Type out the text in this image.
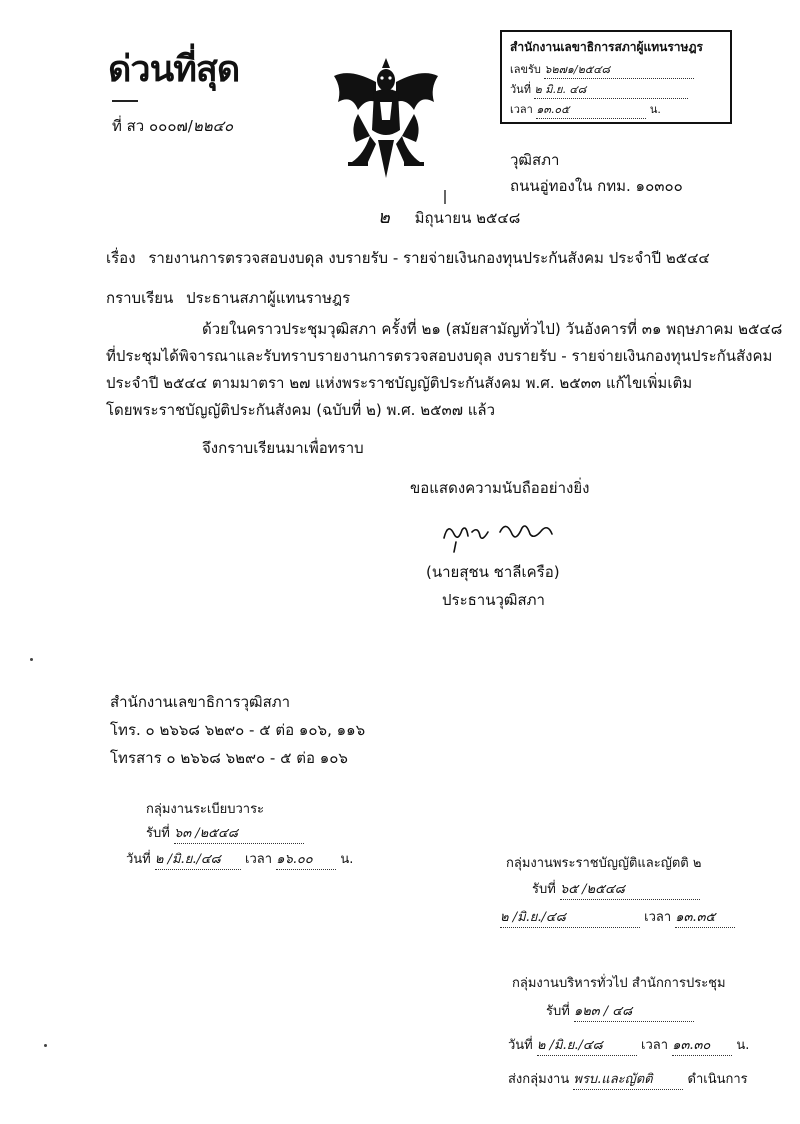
ด่วนที่สุด
ที่ สว ๐๐๐๗/๒๒๔๐
สำนักงานเลขาธิการสภาผู้แทนราษฎร
เลขรับ ๖๒๗๑/๒๕๔๘
วันที่ ๒ มิ.ย. ๔๘
เวลา ๑๓.๐๕	น.
วุฒิสภา
ถนนอู่ทองใน กทม. ๑๐๓๐๐
๒ มิถุนายน ๒๕๔๘
เรื่อง รายงานการตรวจสอบงบดุล งบรายรับ - รายจ่ายเงินกองทุนประกันสังคม ประจำปี ๒๕๔๔
กราบเรียน ประธานสภาผู้แทนราษฎร
ด้วยในคราวประชุมวุฒิสภา ครั้งที่ ๒๑ (สมัยสามัญทั่วไป) วันอังคารที่ ๓๑ พฤษภาคม ๒๕๔๘
ที่ประชุมได้พิจารณาและรับทราบรายงานการตรวจสอบงบดุล งบรายรับ - รายจ่ายเงินกองทุนประกันสังคม
ประจำปี ๒๕๔๔ ตามมาตรา ๒๗ แห่งพระราชบัญญัติประกันสังคม พ.ศ. ๒๕๓๓ แก้ไขเพิ่มเติม
โดยพระราชบัญญัติประกันสังคม (ฉบับที่ ๒) พ.ศ. ๒๕๓๗ แล้ว
จึงกราบเรียนมาเพื่อทราบ
ขอแสดงความนับถืออย่างยิ่ง
(นายสุชน ชาลีเครือ)
ประธานวุฒิสภา
สำนักงานเลขาธิการวุฒิสภา
โทร. ๐ ๒๖๖๘ ๖๒๙๐ - ๕ ต่อ ๑๐๖, ๑๑๖
โทรสาร ๐ ๒๖๖๘ ๖๒๙๐ - ๕ ต่อ ๑๐๖
กลุ่มงานระเบียบวาระ
รับที่ ๖๓ /๒๕๔๘
วันที่ ๒ /มิ.ย./๔๘ เวลา ๑๖.๐๐ น.	กลุ่มงานพระราชบัญญัติและญัตติ ๒
รับที่ ๖๕ /๒๕๔๘
๒ /มิ.ย./๔๘	เวลา ๑๓.๓๕
กลุ่มงานบริหารทั่วไป สำนักการประชุม
รับที่ ๑๒๓ / ๔๘
วันที่ ๒ /มิ.ย./๔๘	เวลา ๑๓.๓๐ น.
ส่งกลุ่มงาน พรบ.และญัตติ	ดำเนินการ
